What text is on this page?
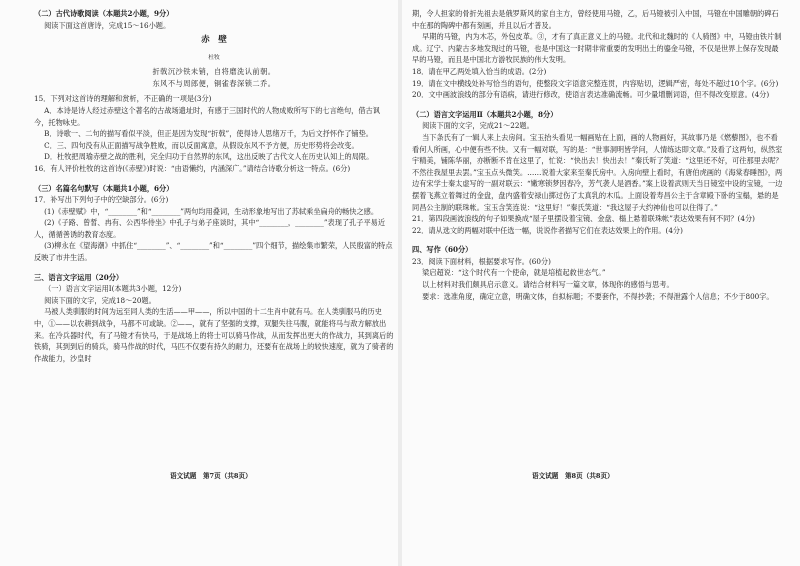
（二）古代诗歌阅读（本题共2小题，9分）

阅读下面这首唐诗，完成15～16小题。

赤　壁

杜牧

折戟沉沙铁未销，自将磨洗认前朝。

东风不与周郎便，铜雀春深锁二乔。

15．下列对这首诗的理解和赏析，不正确的一项是(3分)

A．本诗是诗人经过赤壁这个著名的古战场遗址时，有感于三国时代的人物成败所写下的七言绝句，借古讽今，托物咏史。

B．诗歌一、二句的描写看似平淡，但正是因为发现“折戟”，使得诗人思绪万千，为后文抒怀作了铺垫。

C．三、四句没有从正面描写战争胜败，而以反面寓意，从假设东风不予方便，历史形势将会改变。

D．杜牧把周瑜赤壁之战的胜利，完全归功于自然界的东风，这出反映了古代文人在历史认知上的局限。

16．有人评价杜牧的这首诗(《赤壁》)时说：“由语懒约，内涵深广。”请结合诗歌分析这一特点。(6分)

（三）名篇名句默写（本题共1小题，6分）

17．补写出下列句子中的空缺部分。(6分)

(1)《赤壁赋》中，“________”和“________”两句均用叠词，生动形象地写出了苏轼乘坐扁舟的畅快之感。

(2)《子路、曾皙、冉有、公西华侍坐》中孔子与弟子座谈时，其中“________，________”表现了孔子平易近人，循循善诱的教育态度。

(3)柳永在《望海潮》中抓住“________”、“________”和“________”四个细节，描绘集市繁荣，人民殷富的特点反映了市井生活。

三、语言文字运用（20分）

（一）语言文字运用Ⅰ(本题共3小题，12分)

阅读下面的文字，完成18～20题。

马被人类驯服的时间为远至同人类的生活——甲——，所以中国的十二生肖中就有马。在人类驯服马的历史中，①——以农耕到战争，马都不可或缺。②——，就有了坚强的支撑，双腿失往马腹，就能将马与敌方解放出来。在冷兵器时代，有了马镫才有快马，于是战场上的将士可以骑马作战，从而发挥出更大的作战力，其到离后的铁骑，其到到后的骑兵，骑马作战的时代，马匹不仅要有持久的耐力，还要有在战场上的较快速度，就为了骑者的作战能力，沙皇时

语文试题　第7页（共8页）

期，令人担家的骨折先祖去是俄罗斯风的家自主方，曾经使用马镫，乙，后马镫被引入中国，马镫在中国雕朝的碑石中在那的陶碑中都有刻画，并且以后才普及。

早期的马镫，内为木芯，外包皮革。③，才有了真正意义上的马镫。北代和北魏时的《人骑图》中，马镫由铁片制成。辽宁、内蒙古多地发现过的马镫，也是中国这一时期非常重要的发明出土的鎏金马镫，不仅是世界上保存发现最早的马镫，而且是中国北方游牧民族的伟大发明。

18．请在甲乙两处填入恰当的成语。(2分)

19．请在文中横线处补写恰当的语句，使整段文字语意完整连贯，内容贴切，逻辑严密，每处不超过10个字。(6分)

20．文中画波浪线的部分有语病，请进行修改，使语言表达准确流畅。可少量增删词语，但不得改变原意。(4分)

（二）语言文字运用Ⅱ（本题共2小题，8分）

阅读下面的文字，完成21～22题。

当下条氏有了一辑人来上去房间。宝玉抬头看见一幅画贴在上面，画的人物画好，其故事乃是《燃藜图》，也不看看何人所画，心中便有些不快。又有一幅对联，写的是：“世事洞明皆学问，人情练达即文章。”及看了这两句，纵然室宇精美，铺陈华丽，亦断断不肯在这里了，忙说：“快出去！快出去！”秦氏听了笑道：“这里还不好，可往那里去呢？不然往我屋里去罢。”宝玉点头微笑。……说着大家来至秦氏房中。入房向壁上看时，有唐伯虎画的《海棠春睡图》，两边有宋学士秦太虚写的一副对联云：“嫩寒锁梦因春冷，芳气袭人是酒香。”案上设着武则天当日镜室中设的宝镜，一边摆着飞燕立着舞过的金盘，盘内盛着安禄山掷过伤了太真乳的木瓜。上面设着寿昌公主于含章殿下卧的宝榻，悬的是同昌公主制的联珠帐。宝玉含笑连说：“这里好！”秦氏笑道：“我这屋子大约神仙也可以住得了。”

21．第四段画波浪线的句子如果换成“屋子里摆设着宝镜、金盘、榻上悬着联珠帐”表达效果有何不同？(4分)

22．请从选文的两幅对联中任选一幅，说说作者描写它们在表达效果上的作用。(4分)

四、写作（60分）

23．阅读下面材料，根据要求写作。(60分)

梁启超说：“这个时代有一个使命，就是培植起救世态气。”

以上材料对我们颇具启示意义。请结合材料写一篇文章，体现你的感悟与思考。

要求：选准角度，确定立意，明确文体，自拟标题；不要套作，不得抄袭；不得泄露个人信息；不少于800字。

语文试题　第8页（共8页）
